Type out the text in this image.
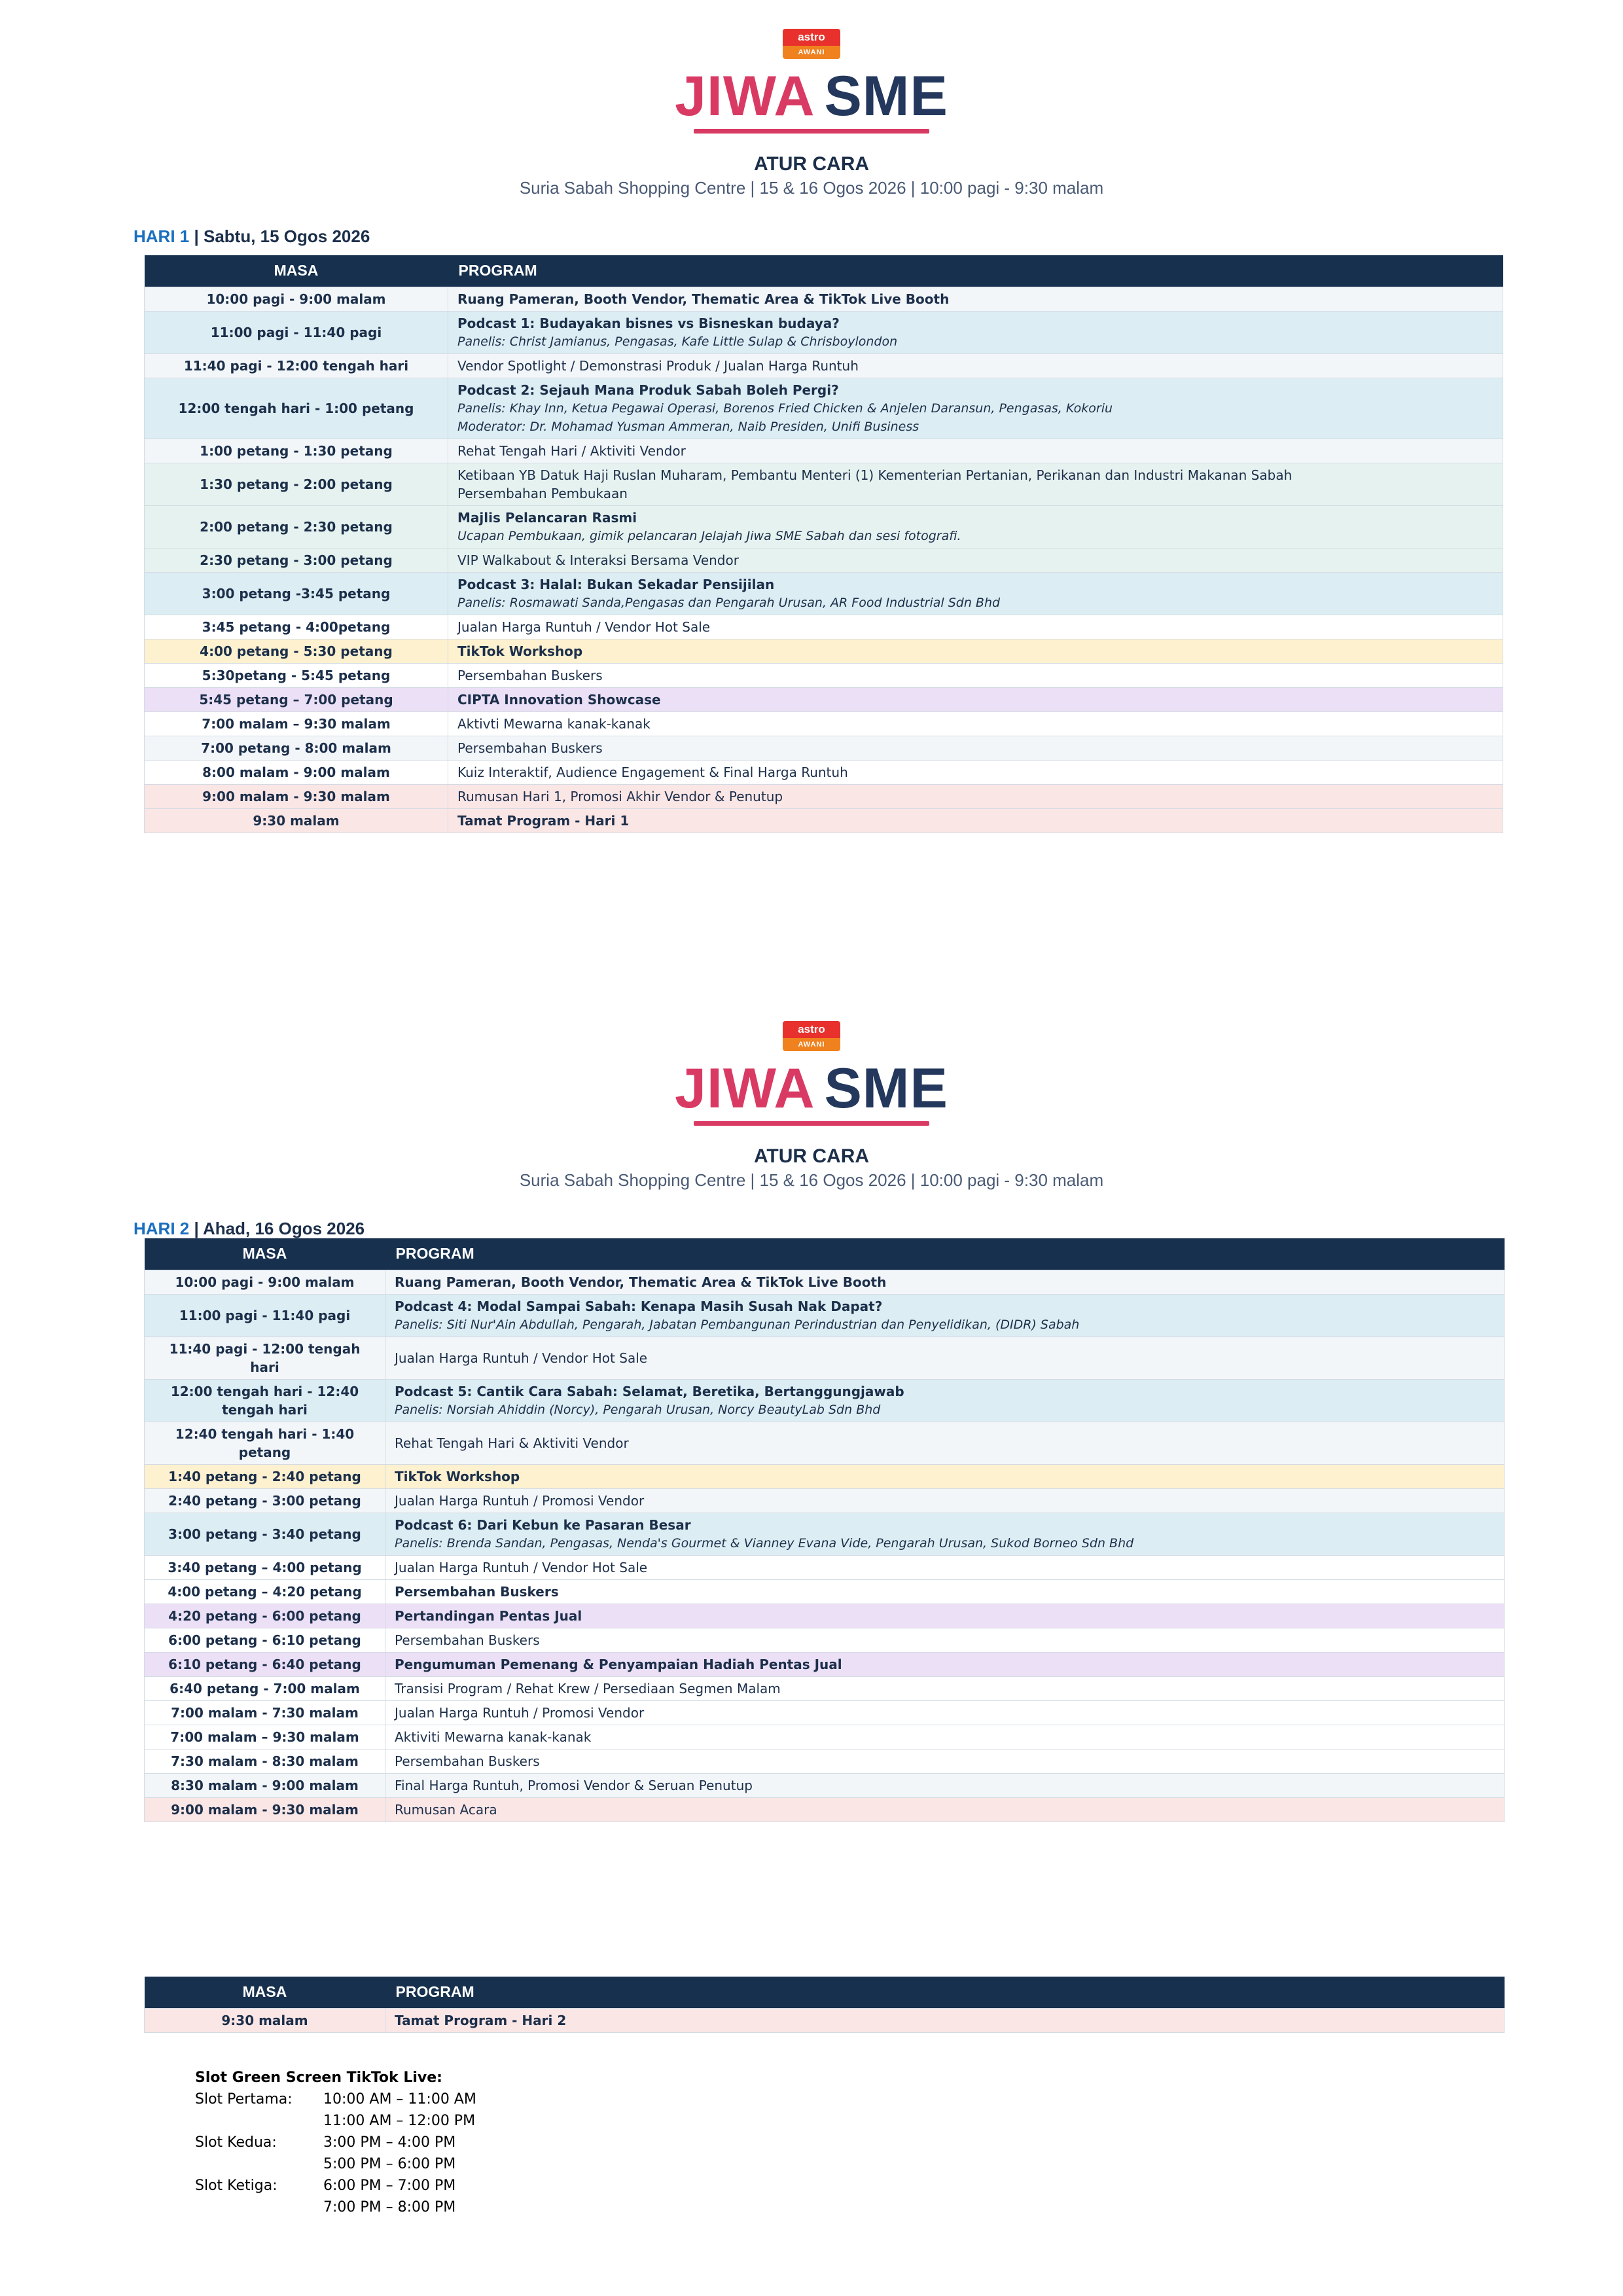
astro
AWANI
JIWA SME
ATUR CARA
Suria Sabah Shopping Centre | 15 & 16 Ogos 2026 | 10:00 pagi - 9:30 malam
HARI 1 | Sabtu, 15 Ogos 2026
MASA	PROGRAM
10:00 pagi - 9:00 malam	Ruang Pameran, Booth Vendor, Thematic Area & TikTok Live Booth

11:00 pagi - 11:40 pagi	Podcast 1: Budayakan bisnes vs Bisneskan budaya?
Panelis: Christ Jamianus, Pengasas, Kafe Little Sulap & Chrisboylondon

11:40 pagi - 12:00 tengah hari	Vendor Spotlight / Demonstrasi Produk / Jualan Harga Runtuh

12:00 tengah hari - 1:00 petang	Podcast 2: Sejauh Mana Produk Sabah Boleh Pergi?
Panelis: Khay Inn, Ketua Pegawai Operasi, Borenos Fried Chicken & Anjelen Daransun, Pengasas, Kokoriu
Moderator: Dr. Mohamad Yusman Ammeran, Naib Presiden, Unifi Business

1:00 petang - 1:30 petang	Rehat Tengah Hari / Aktiviti Vendor

1:30 petang - 2:00 petang	Ketibaan YB Datuk Haji Ruslan Muharam, Pembantu Menteri (1) Kementerian Pertanian, Perikanan dan Industri Makanan Sabah
Persembahan Pembukaan

2:00 petang - 2:30 petang	Majlis Pelancaran Rasmi
Ucapan Pembukaan, gimik pelancaran Jelajah Jiwa SME Sabah dan sesi fotografi.

2:30 petang - 3:00 petang	VIP Walkabout & Interaksi Bersama Vendor

3:00 petang -3:45 petang	Podcast 3: Halal: Bukan Sekadar Pensijilan
Panelis: Rosmawati Sanda,Pengasas dan Pengarah Urusan, AR Food Industrial Sdn Bhd

3:45 petang - 4:00petang	Jualan Harga Runtuh / Vendor Hot Sale

4:00 petang - 5:30 petang	TikTok Workshop

5:30petang - 5:45 petang	Persembahan Buskers

5:45 petang – 7:00 petang	CIPTA Innovation Showcase

7:00 malam – 9:30 malam	Aktivti Mewarna kanak-kanak

7:00 petang - 8:00 malam	Persembahan Buskers

8:00 malam - 9:00 malam	Kuiz Interaktif, Audience Engagement & Final Harga Runtuh

9:00 malam - 9:30 malam	Rumusan Hari 1, Promosi Akhir Vendor & Penutup

9:30 malam	Tamat Program - Hari 1
astro
AWANI
JIWA SME
ATUR CARA
Suria Sabah Shopping Centre | 15 & 16 Ogos 2026 | 10:00 pagi - 9:30 malam
HARI 2 | Ahad, 16 Ogos 2026
MASA	PROGRAM
10:00 pagi - 9:00 malam	Ruang Pameran, Booth Vendor, Thematic Area & TikTok Live Booth

11:00 pagi - 11:40 pagi	Podcast 4: Modal Sampai Sabah: Kenapa Masih Susah Nak Dapat?
Panelis: Siti Nur'Ain Abdullah, Pengarah, Jabatan Pembangunan Perindustrian dan Penyelidikan, (DIDR) Sabah

11:40 pagi - 12:00 tengah hari	Jualan Harga Runtuh / Vendor Hot Sale

12:00 tengah hari - 12:40 tengah hari	Podcast 5: Cantik Cara Sabah: Selamat, Beretika, Bertanggungjawab
Panelis: Norsiah Ahiddin (Norcy), Pengarah Urusan, Norcy BeautyLab Sdn Bhd

12:40 tengah hari - 1:40 petang	Rehat Tengah Hari & Aktiviti Vendor

1:40 petang - 2:40 petang	TikTok Workshop

2:40 petang - 3:00 petang	Jualan Harga Runtuh / Promosi Vendor

3:00 petang - 3:40 petang	Podcast 6: Dari Kebun ke Pasaran Besar
Panelis: Brenda Sandan, Pengasas, Nenda's Gourmet & Vianney Evana Vide, Pengarah Urusan, Sukod Borneo Sdn Bhd

3:40 petang – 4:00 petang	Jualan Harga Runtuh / Vendor Hot Sale

4:00 petang – 4:20 petang	Persembahan Buskers

4:20 petang - 6:00 petang	Pertandingan Pentas Jual

6:00 petang - 6:10 petang	Persembahan Buskers

6:10 petang - 6:40 petang	Pengumuman Pemenang & Penyampaian Hadiah Pentas Jual

6:40 petang - 7:00 malam	Transisi Program / Rehat Krew / Persediaan Segmen Malam

7:00 malam - 7:30 malam	Jualan Harga Runtuh / Promosi Vendor

7:00 malam – 9:30 malam	Aktiviti Mewarna kanak-kanak

7:30 malam - 8:30 malam	Persembahan Buskers

8:30 malam - 9:00 malam	Final Harga Runtuh, Promosi Vendor & Seruan Penutup

9:00 malam - 9:30 malam	Rumusan Acara
MASA	PROGRAM
9:30 malam	Tamat Program - Hari 2
Slot Green Screen TikTok Live:
Slot Pertama:	10:00 AM – 11:00 AM
11:00 AM – 12:00 PM
Slot Kedua:	3:00 PM – 4:00 PM
5:00 PM – 6:00 PM
Slot Ketiga:	6:00 PM – 7:00 PM
7:00 PM – 8:00 PM
